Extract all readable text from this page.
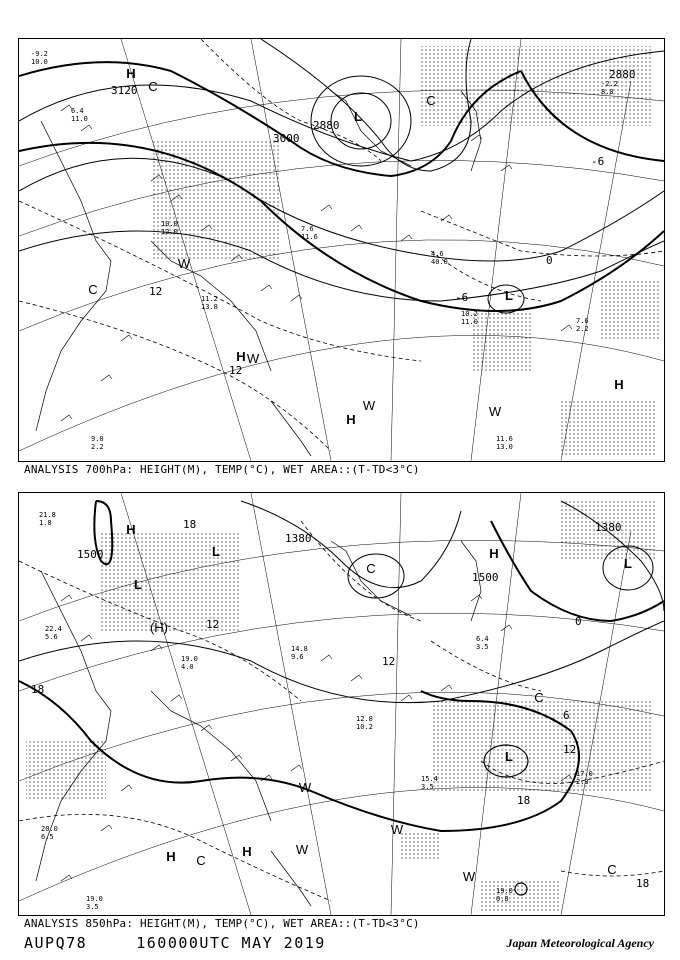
-9.2
10.0
6.4
11.0
10.0
12.0
11.2
13.8
7.6
11.6
4.6
40.0
10.2
11.0	7.6
2.2
11.6
13.0
9.0
2.2
-2.2
8.0
3120
3000
2880
2880
12
12
0
-6
-6
H
C
L
C
C
W
L
H W
H
W	W
H
ANALYSIS 700hPa: HEIGHT(M), TEMP(°C), WET AREA::(T-TD<3°C)
21.8
1.8
22.4
5.6
19.0
4.0
14.8
9.6
12.8
10.2
6.4
3.5
17.0
2.3
19.0
0.8
19.0
3.5
20.0
6.5
15.4
3.5
1500
1380
1500
1380
18
18
18
12
12
12
0
6
18
H
L
(H)
L
C
H
L
C
L
W
W
H C
H	W
W	C
ANALYSIS 850hPa: HEIGHT(M), TEMP(°C), WET AREA::(T-TD<3°C)
AUPQ78	160000UTC MAY 2019	Japan Meteorological Agency
